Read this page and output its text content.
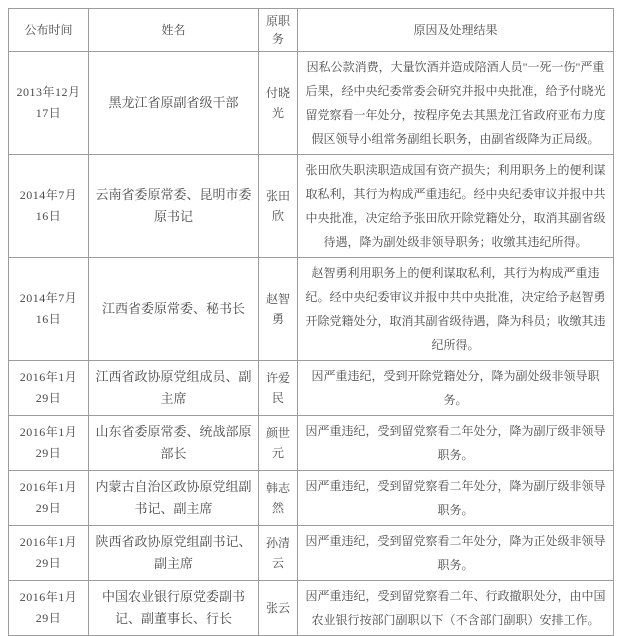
公布时间	姓名	原职务	原因及处理结果
2013年12月17日	黑龙江省原副省级干部	付晓光	因私公款消费，大量饮酒并造成陪酒人员"一死一伤"严重后果，经中央纪委常委会研究并报中央批准，给予付晓光留党察看一年处分，按程序免去其黑龙江省政府亚布力度假区领导小组常务副组长职务，由副省级降为正局级。
2014年7月16日	云南省委原常委、昆明市委原书记	张田欣	张田欣失职渎职造成国有资产损失；利用职务上的便利谋取私利，其行为构成严重违纪。经中央纪委审议并报中共中央批准，决定给予张田欣开除党籍处分，取消其副省级待遇，降为副处级非领导职务；收缴其违纪所得。
2014年7月16日	江西省委原常委、秘书长	赵智勇	赵智勇利用职务上的便利谋取私利，其行为构成严重违纪。经中央纪委审议并报中共中央批准，决定给予赵智勇开除党籍处分，取消其副省级待遇，降为科员；收缴其违纪所得。
2016年1月29日	江西省政协原党组成员、副主席	许爱民	因严重违纪，受到开除党籍处分，降为副处级非领导职务。
2016年1月29日	山东省委原常委、统战部原部长	颜世元	因严重违纪，受到留党察看二年处分，降为副厅级非领导职务。
2016年1月29日	内蒙古自治区政协原党组副书记、副主席	韩志然	因严重违纪，受到留党察看二年处分，降为副厅级非领导职务。
2016年1月29日	陕西省政协原党组副书记、副主席	孙清云	因严重违纪，受到留党察看二年处分，降为正处级非领导职务。
2016年1月29日	中国农业银行原党委副书记、副董事长、行长	张云	因严重违纪，受到留党察看二年、行政撤职处分，由中国农业银行按部门副职以下（不含部门副职）安排工作。
